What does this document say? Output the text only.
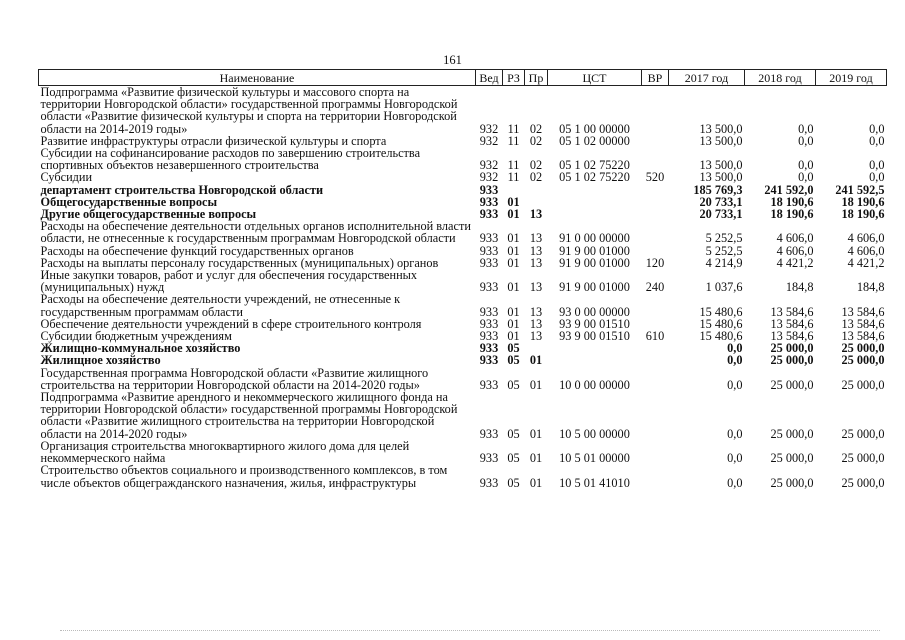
161
Наименование	Вед	РЗ	Пр	ЦСТ	ВР	2017 год	2018 год	2019 год
Подпрограмма «Развитие физической культуры и массового спорта на территории Новгородской области» государственной программы Новгородской области «Развитие физической культуры и спорта на территории Новгородской области на 2014-2019 годы»	932	11	02	05 1 00 00000		13 500,0	0,0	0,0
Развитие инфраструктуры отрасли физической культуры и спорта	932	11	02	05 1 02 00000		13 500,0	0,0	0,0
Субсидии на софинансирование расходов по завершению строительства спортивных объектов незавершенного строительства	932	11	02	05 1 02 75220		13 500,0	0,0	0,0
Субсидии	932	11	02	05 1 02 75220	520	13 500,0	0,0	0,0
департамент строительства Новгородской области	933					185 769,3	241 592,0	241 592,5
Общегосударственные вопросы	933	01				20 733,1	18 190,6	18 190,6
Другие общегосударственные вопросы	933	01	13			20 733,1	18 190,6	18 190,6
Расходы на обеспечение деятельности отдельных органов исполнительной власти области, не отнесенные к государственным программам Новгородской области	933	01	13	91 0 00 00000		5 252,5	4 606,0	4 606,0
Расходы на обеспечение функций государственных органов	933	01	13	91 9 00 01000		5 252,5	4 606,0	4 606,0
Расходы на выплаты персоналу государственных (муниципальных) органов	933	01	13	91 9 00 01000	120	4 214,9	4 421,2	4 421,2
Иные закупки товаров, работ и услуг для обеспечения государственных (муниципальных) нужд	933	01	13	91 9 00 01000	240	1 037,6	184,8	184,8
Расходы на обеспечение деятельности учреждений, не отнесенные к государственным программам области	933	01	13	93 0 00 00000		15 480,6	13 584,6	13 584,6
Обеспечение деятельности учреждений в сфере строительного контроля	933	01	13	93 9 00 01510		15 480,6	13 584,6	13 584,6
Субсидии бюджетным учреждениям	933	01	13	93 9 00 01510	610	15 480,6	13 584,6	13 584,6
Жилищно-коммунальное хозяйство	933	05				0,0	25 000,0	25 000,0
Жилищное хозяйство	933	05	01			0,0	25 000,0	25 000,0
Государственная программа Новгородской области «Развитие жилищного строительства на территории Новгородской области на 2014-2020 годы»	933	05	01	10 0 00 00000		0,0	25 000,0	25 000,0
Подпрограмма «Развитие арендного и некоммерческого жилищного фонда на территории Новгородской области» государственной программы Новгородской области «Развитие жилищного строительства на территории Новгородской области на 2014-2020 годы»	933	05	01	10 5 00 00000		0,0	25 000,0	25 000,0
Организация строительства многоквартирного жилого дома для целей некоммерческого найма	933	05	01	10 5 01 00000		0,0	25 000,0	25 000,0
Строительство объектов социального и производственного комплексов, в том числе объектов общегражданского назначения, жилья, инфраструктуры	933	05	01	10 5 01 41010		0,0	25 000,0	25 000,0
